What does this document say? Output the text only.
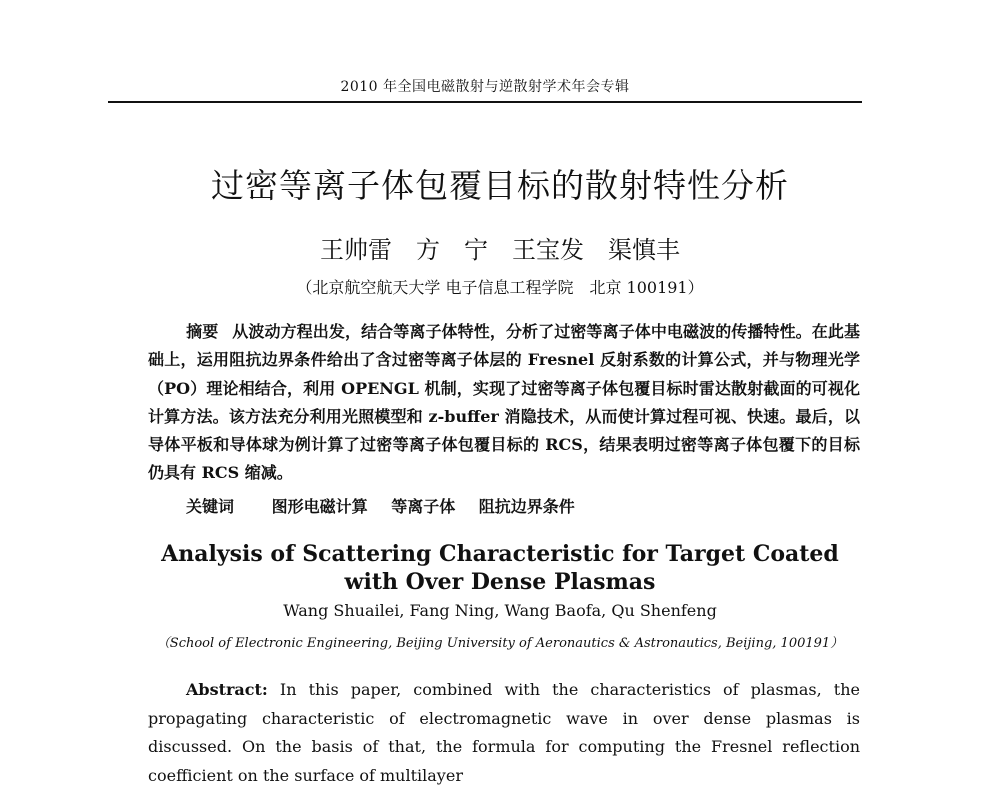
2010 年全国电磁散射与逆散射学术年会专辑
过密等离子体包覆目标的散射特性分析
王帅雷　方　宁　王宝发　渠慎丰
（北京航空航天大学 电子信息工程学院　北京 100191）
摘要 从波动方程出发，结合等离子体特性，分析了过密等离子体中电磁波的传播特性。在此基础上，运用阻抗边界条件给出了含过密等离子体层的 Fresnel 反射系数的计算公式，并与物理光学（PO）理论相结合，利用 OPENGL 机制，实现了过密等离子体包覆目标时雷达散射截面的可视化计算方法。该方法充分利用光照模型和 z-buffer 消隐技术，从而使计算过程可视、快速。最后，以导体平板和导体球为例计算了过密等离子体包覆目标的 RCS，结果表明过密等离子体包覆下的目标仍具有 RCS 缩减。
关键词 图形电磁计算 等离子体 阻抗边界条件
Analysis of Scattering Characteristic for Target Coated
with Over Dense Plasmas
Wang Shuailei, Fang Ning, Wang Baofa, Qu Shenfeng
（School of Electronic Engineering, Beijing University of Aeronautics & Astronautics, Beijing, 100191）
Abstract: In this paper, combined with the characteristics of plasmas, the propagating characteristic of electromagnetic wave in over dense plasmas is discussed. On the basis of that, the formula for computing the Fresnel reflection coefficient on the surface of multilayer
